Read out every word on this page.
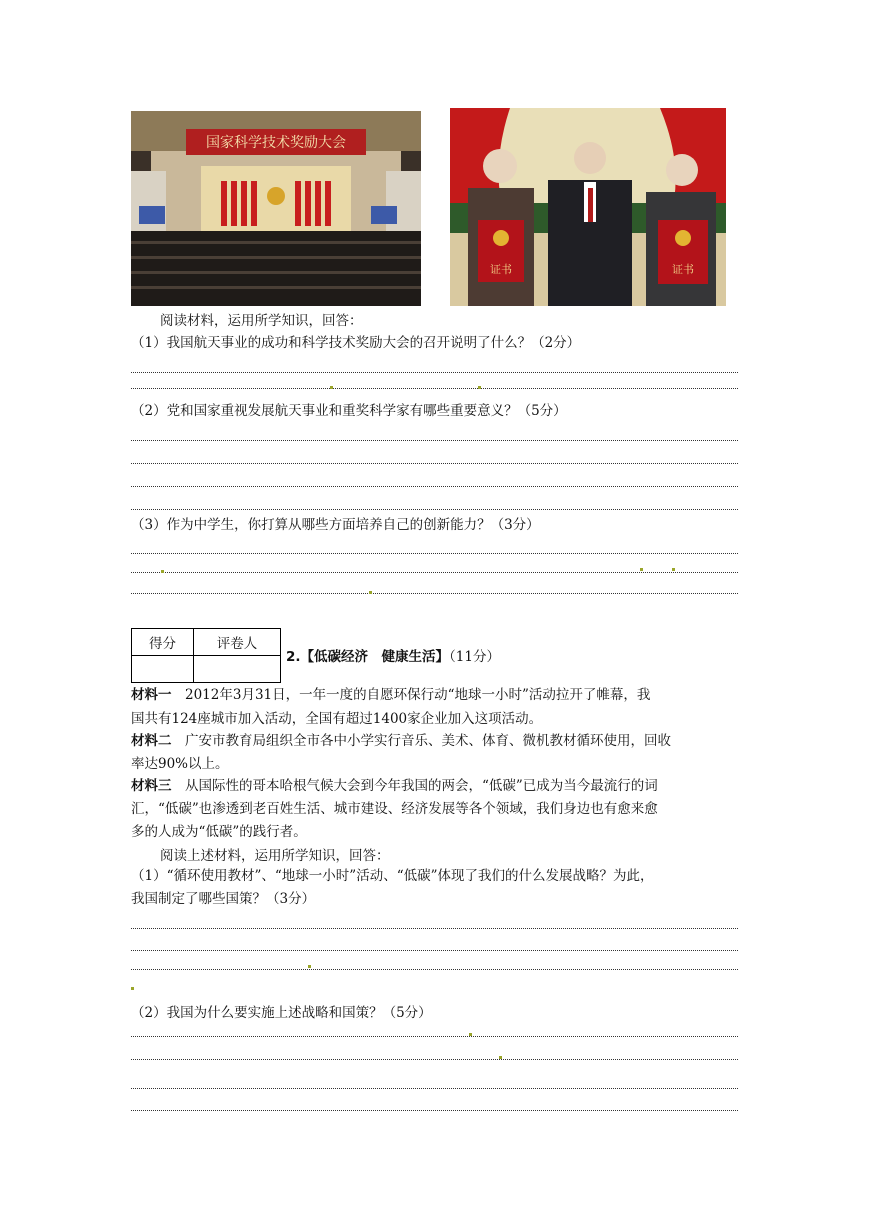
国家科学技术奖励大会
证书	证书
阅读材料，运用所学知识，回答：
（1）我国航天事业的成功和科学技术奖励大会的召开说明了什么？（2分）
（2）党和国家重视发展航天事业和重奖科学家有哪些重要意义？（5分）
（3）作为中学生，你打算从哪些方面培养自己的创新能力？（3分）
得分	评卷人

2.【低碳经济　健康生活】（11分）
材料一　2012年3月31日，一年一度的自愿环保行动“地球一小时”活动拉开了帷幕，我
国共有124座城市加入活动，全国有超过1400家企业加入这项活动。
材料二　广安市教育局组织全市各中小学实行音乐、美术、体育、微机教材循环使用，回收
率达90%以上。
材料三　从国际性的哥本哈根气候大会到今年我国的两会，“低碳”已成为当今最流行的词
汇，“低碳”也渗透到老百姓生活、城市建设、经济发展等各个领域，我们身边也有愈来愈
多的人成为“低碳”的践行者。
阅读上述材料，运用所学知识，回答：
（1）“循环使用教材”、“地球一小时”活动、“低碳”体现了我们的什么发展战略？为此，
我国制定了哪些国策？（3分）
（2）我国为什么要实施上述战略和国策？（5分）
